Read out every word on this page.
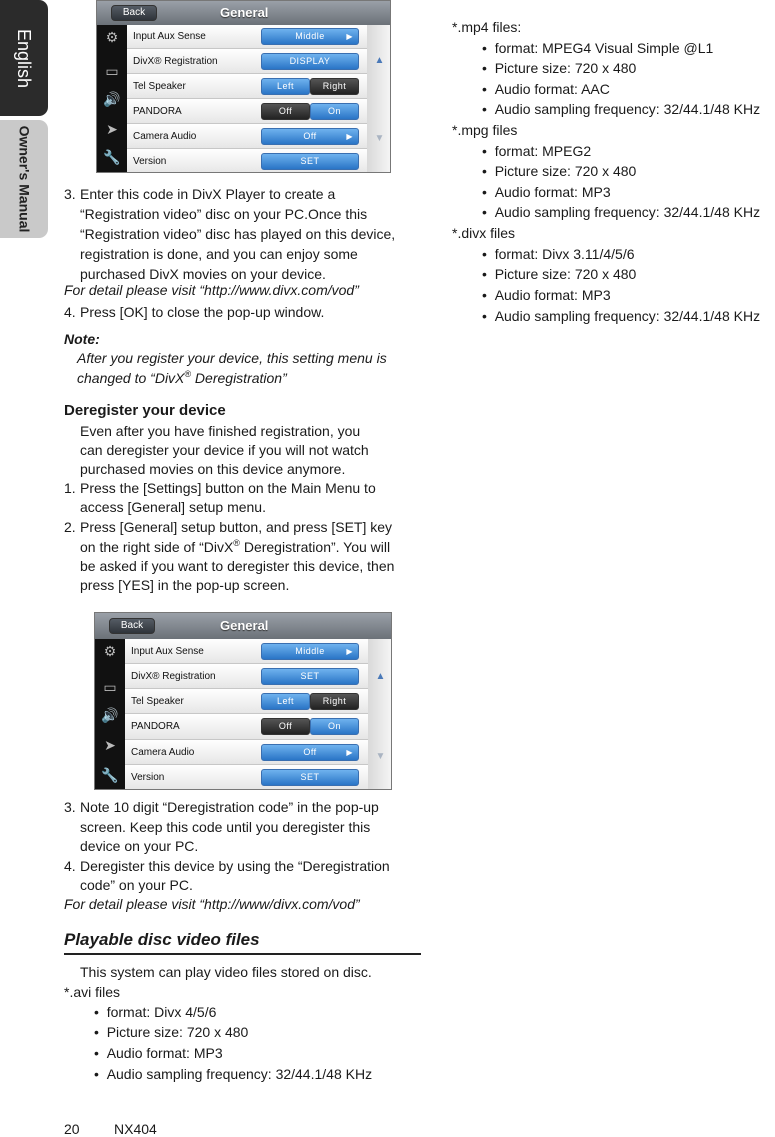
English
Owner's Manual
Back	General
⚙
▭
🔊
➤
🔧
Input Aux Sense	Middle	▶
DivX® Registration	DISPLAY
Tel Speaker	Left	Right
PANDORA	Off	On
Camera Audio	Off	▶
Version	SET
▲
▼
3. Enter this code in DivX Player to create a
“Registration video” disc on your PC.Once this
“Registration video” disc has played on this device,
registration is done, and you can enjoy some
purchased DivX movies on your device.
For detail please visit “http://www.divx.com/vod”
4. Press [OK] to close the pop-up window.
Note:
After you register your device, this setting menu is
changed to “DivX® Deregistration”
Deregister your device
Even after you have finished registration, you
can deregister your device if you will not watch
purchased movies on this device anymore.
1. Press the [Settings] button on the Main Menu to
access [General] setup menu.
2. Press [General] setup button, and press [SET] key
on the right side of “DivX® Deregistration”. You will
be asked if you want to deregister this device, then
press [YES] in the pop-up screen.
Back	General
⚙
▭
🔊
➤
🔧
Input Aux Sense	Middle	▶
DivX® Registration	SET
Tel Speaker	Left	Right
PANDORA	Off	On
Camera Audio	Off	▶
Version	SET
▲
▼
3. Note 10 digit “Deregistration code” in the pop-up
screen. Keep this code until you deregister this
device on your PC.
4. Deregister this device by using the “Deregistration
code” on your PC.
For detail please visit “http://www/divx.com/vod”
Playable disc video files
This system can play video files stored on disc.
*.avi files
•  format: Divx 4/5/6
•  Picture size: 720 x 480
•  Audio format: MP3
•  Audio sampling frequency: 32/44.1/48 KHz
*.mp4 files:
•  format: MPEG4 Visual Simple @L1
•  Picture size: 720 x 480
•  Audio format: AAC
•  Audio sampling frequency: 32/44.1/48 KHz
*.mpg files
•  format: MPEG2
•  Picture size: 720 x 480
•  Audio format: MP3
•  Audio sampling frequency: 32/44.1/48 KHz
*.divx files
•  format: Divx 3.11/4/5/6
•  Picture size: 720 x 480
•  Audio format: MP3
•  Audio sampling frequency: 32/44.1/48 KHz
20 NX404
